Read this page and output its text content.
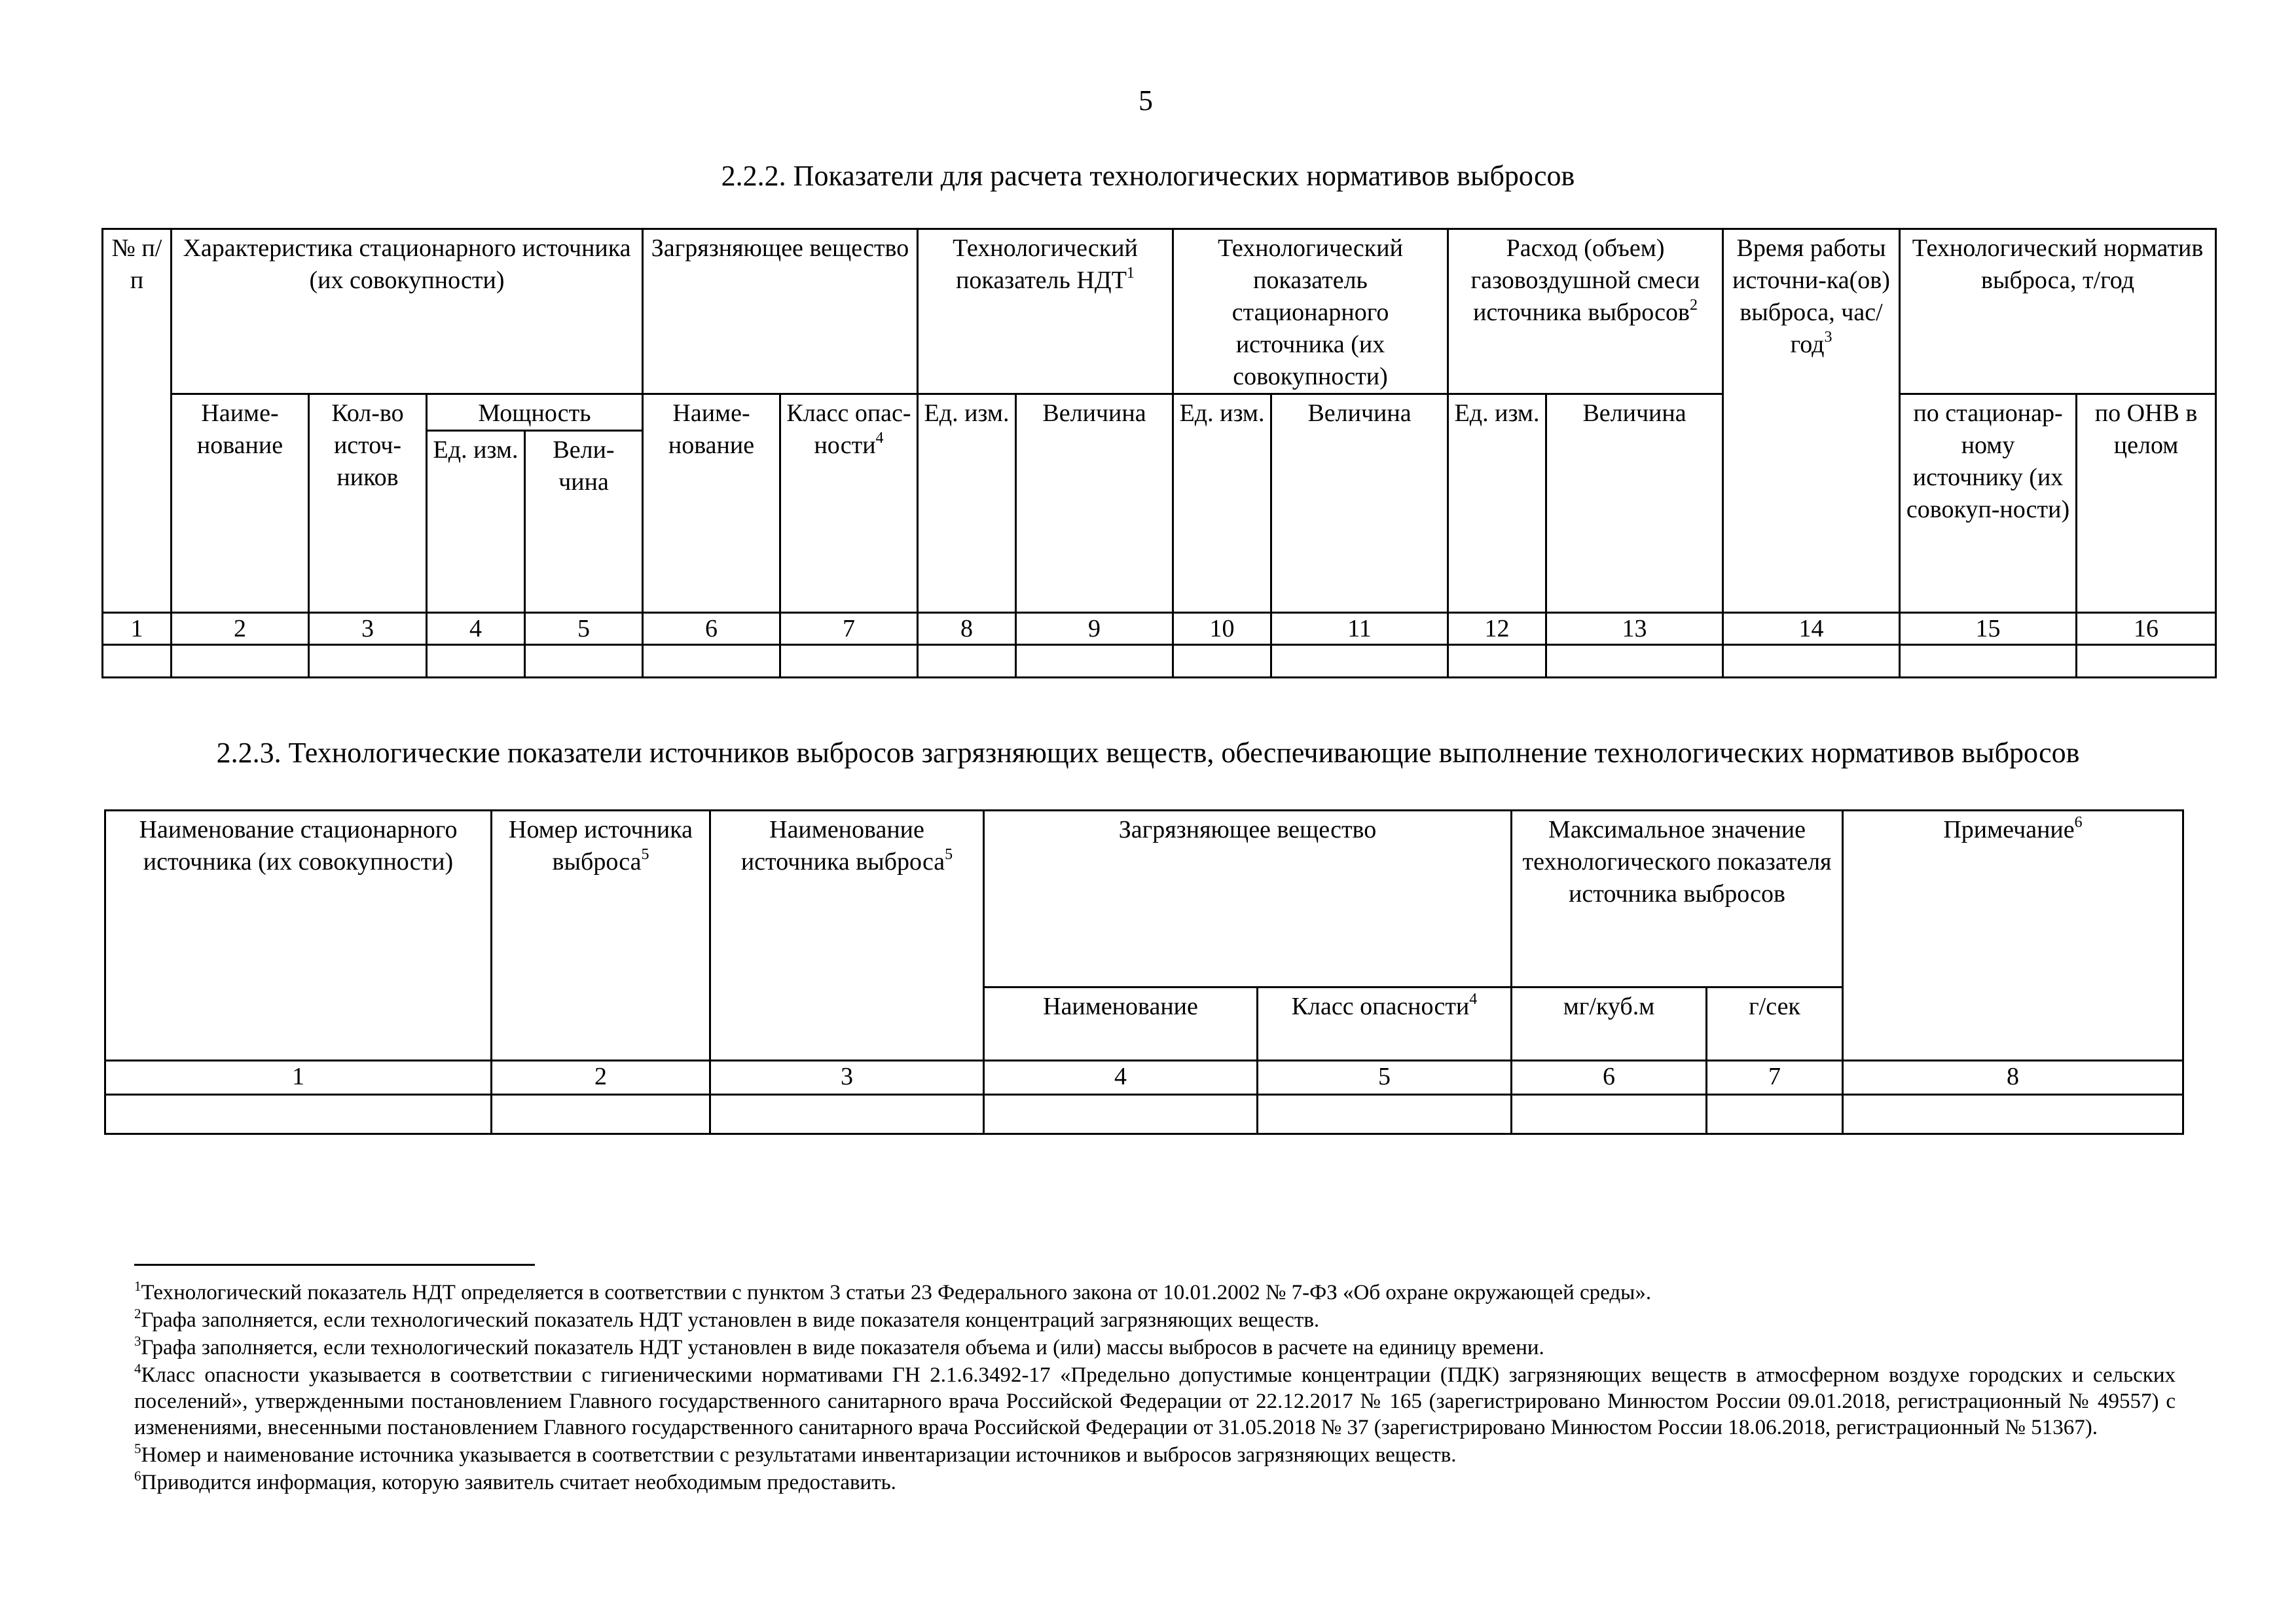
5
2.2.2. Показатели для расчета технологических нормативов выбросов
№ п/п	Характеристика стационарного источника (их совокупности)				Загрязняющее вещество		Технологический показатель НДТ$^1$		Технологический показатель стационарного источника (их совокупности)		Расход (объем) газовоздушной смеси источника выбросов$^2$		Время работы источни-ка(ов) выброса, час/год$^3$	Технологический норматив выброса, т/год	
	Наиме-нование	Кол-во источ-ников	Мощность		Наиме-нование	Класс опас-ности$^4$	Ед. изм.	Величина	Ед. изм.	Величина	Ед. изм.	Величина		по стационар-ному источнику (их совокуп-ности)	по ОНВ в целом
			Ед. изм.	Вели-чина											
1	2	3	4	5	6	7	8	9	10	11	12	13	14	15	16

2.2.3. Технологические показатели источников выбросов загрязняющих веществ, обеспечивающие выполнение технологических нормативов выбросов
Наименование стационарного источника (их совокупности)	Номер источника выброса$^5$	Наименование источника выброса$^5$	Загрязняющее вещество		Максимальное значение технологического показателя источника выбросов		Примечание$^6$
			Наименование	Класс опасности$^4$	мг/куб.м	г/сек	
1	2	3	4	5	6	7	8

$^1$Технологический показатель НДТ определяется в соответствии с пунктом 3 статьи 23 Федерального закона от 10.01.2002 № 7-ФЗ «Об охране окружающей среды».

$^2$Графа заполняется, если технологический показатель НДТ установлен в виде показателя концентраций загрязняющих веществ.

$^3$Графа заполняется, если технологический показатель НДТ установлен в виде показателя объема и (или) массы выбросов в расчете на единицу времени.

$^4$Класс опасности указывается в соответствии с гигиеническими нормативами ГН 2.1.6.3492-17 «Предельно допустимые концентрации (ПДК) загрязняющих веществ в атмосферном воздухе городских и сельских поселений», утвержденными постановлением Главного государственного санитарного врача Российской Федерации от 22.12.2017 № 165 (зарегистрировано Минюстом России 09.01.2018, регистрационный № 49557) с изменениями, внесенными постановлением Главного государственного санитарного врача Российской Федерации от 31.05.2018 № 37 (зарегистрировано Минюстом России 18.06.2018, регистрационный № 51367).

$^5$Номер и наименование источника указывается в соответствии с результатами инвентаризации источников и выбросов загрязняющих веществ.

$^6$Приводится информация, которую заявитель считает необходимым предоставить.
